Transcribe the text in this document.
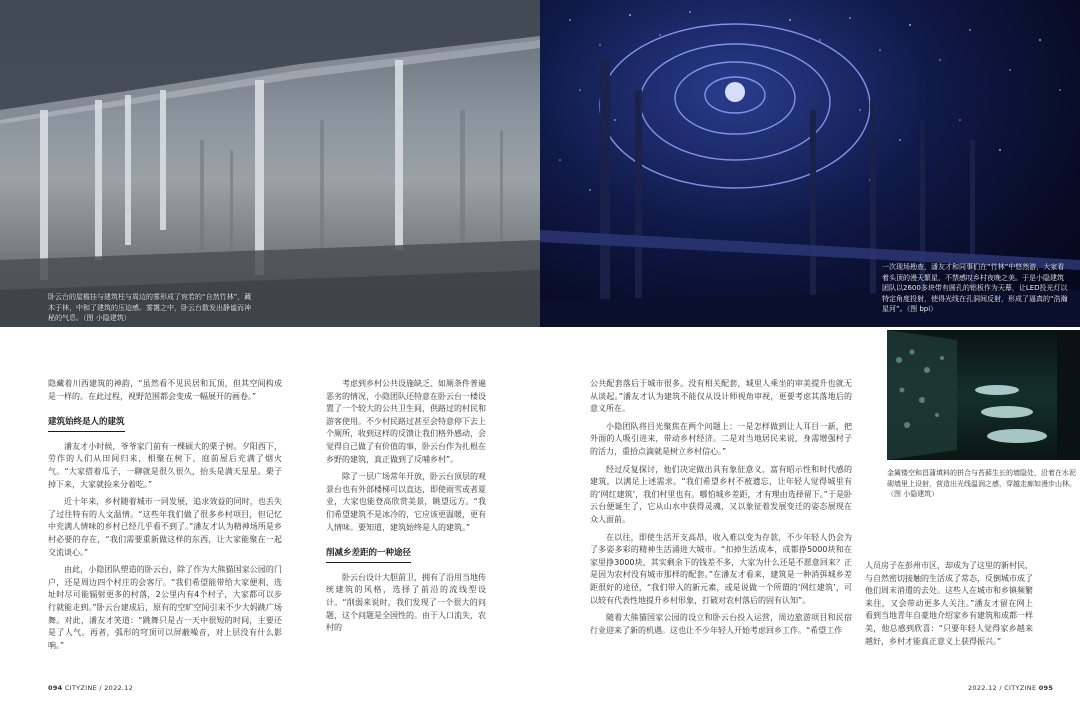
卧云台的屋檐挂与建筑柱与周边的雾形成了宛若的“自然竹林”，藏木于林，中和了建筑的压迫感。雾霭之中，卧云台散发出静谧而神秘的气息。（图 小隐建筑）
一次现场勘查，潘友才和同事们在“竹林”中悠然游，大家看着头顶的漫天繁星，不禁感叹乡村夜晚之美。于是小隐建筑团队以2600多块带有圆孔的铝板作为天幕，让LED投光灯以特定角度投射，使得光线在孔洞间反射，形成了逼真的“浩瀚星河”。（图 bpi）
金属镂空和昌蒲填料的拼合与苔藓生长的墙隐处，沿着在水泥砌墙里上设射，营造出光线温润之感，穿越走廊如漫步山林。（图 小隐建筑）

隐藏着川西建筑的神韵，“虽然看不见民居和瓦顶，但其空间构成是一样的。在此过程，视野范围都会变成一幅展开的画卷。”

建筑始终是人的建筑

潘友才小时候，爷爷家门前有一棵硕大的栗子树。夕阳西下，劳作的人们从田间归来，相聚在树下，庭前屋后充满了烟火气。“大家搭着瓜子，一聊就是很久很久，抬头是满天星星。栗子掉下来，大家就捡来分着吃。”

近十年来，乡村随着城市一同发展，追求效益的同时，也丢失了过往特有的人文温情。“这些年我们做了很多乡村项目，但记忆中充满人情味的乡村已经几乎看不到了。”潘友才认为精神场所是乡村必要的存在，“我们需要重新做这样的东西，让大家能聚在一起交流谈心。”

由此，小隐团队塑造的卧云台，除了作为大熊猫国家公园的门户，还是周边四个村庄的会客厅。“我们希望能带给大家便利，选址时尽可能辐射更多的村落，2公里内有4个村子，大家都可以步行就能走到。”卧云台建成后，原有的空旷空间引来不少大妈跳广场舞。对此，潘友才笑道：“跳舞只是占一天中很短的时间，主要还是了人气。再者，弧形的穹顶可以屏蔽噪音，对上层没有什么影响。”

考虑到乡村公共设施缺乏、如厕条件普遍恶劣的情况，小隐团队还特意在卧云台一楼设置了一个较大的公共卫生间，供路过的村民和游客使用。不少村民路过甚至会特意停下去上个厕所，收到这样的反馈让我们格外感动，会觉得自己做了有价值的事，卧云台作为扎根在乡野的建筑，真正做到了反哺乡村”。

除了一层广场常年开放，卧云台顶层的观景台也有外部楼梯可以直达，即使雨雪或者夏业，大家也能登高欣赏美景，眺望远方。“我们希望建筑不是冰冷的，它应该更温暖，更有人情味。要知道，建筑始终是人的建筑。”

削减乡差距的一种途径

卧云台设计大胆前卫，拥有了沿用当地传统建筑的风格，选择了前沿的流线型设计。“削弱来说时，我们发现了一个很大的问题，这个问题是全国性的。由于人口流失，农村的

公共配套落后于城市很多。没有相关配套，城里人乘坐的审美提升也就无从谈起。”潘友才认为建筑不能仅从设计师视角审视，更要考虑其落地后的意义所在。

小隐团队将目光聚焦在两个问题上：一是怎样做到让人耳目一新，把外面的人吸引进来，带动乡村经济。二是对当地居民来说，身需增强村子的活力，重拾点滴就是树立乡村信心。”

经过反复探讨，他们决定做出具有象征意义，富有昭示性和时代感的建筑，以满足上述需求。“我们希望乡村不被遗忘，让年轻人觉得城里有的‘网红建筑’，我们村里也有。哪怕城乡差距，才有理由选择留下。”于是卧云台便诞生了，它从山水中获得灵魂，又以象征着发展变迁的姿态展现在众人面前。

在以往，即使生活开支高昂，收入难以变为存款，不少年轻人仍会为了多姿多彩的精神生活涌进大城市。“扣掉生活成本，成都挣5000块和在家里挣3000块，其实剩余下的钱差不多，大家为什么还是不愿意回来？正是因为农村没有城市那样的配套。”在潘友才看来，建筑是一种消弭城乡差距很好的途径，“我们带入的新元素，或是说做一个所谓的‘网红建筑’，可以较有代表性地提升乡村形象，打破对农村落后的固有认知”。

随着大熊猫国家公园的设立和卧云台投入运营，周边旅游项目和民宿行业迎来了新的机遇。这也让不少年轻人开始考虑回乡工作。“希望工作

人员房子在彭州市区，却成为了这里的新村民，与自然密切接触的生活成了常态，反倒城市成了他们周末消遣的去处。这些人在城市和乡镇频繁来往，又会带动更多人关注。”潘友才留在网上看到当地青年自豪地介绍家乡有建筑和成都一样美，他总感到欣喜：“只要年轻人觉得家乡越来越好，乡村才能真正意义上获得振兴。”

094 CITYZINE / 2022.12	2022.12 / CITYZINE 095
